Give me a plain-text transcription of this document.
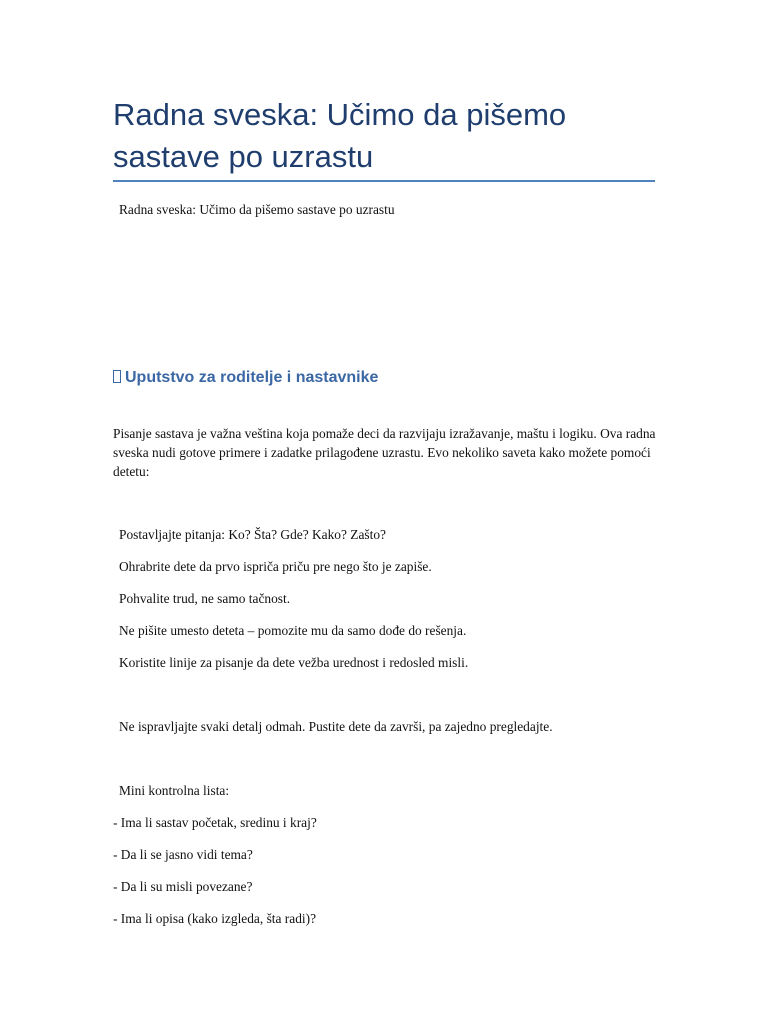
Radna sveska: Učimo da pišemo sastave po uzrastu
Radna sveska: Učimo da pišemo sastave po uzrastu
Uputstvo za roditelje i nastavnike

Pisanje sastava je važna veština koja pomaže deci da razvijaju izražavanje, maštu i logiku. Ova radna sveska nudi gotove primere i zadatke prilagođene uzrastu. Evo nekoliko saveta kako možete pomoći detetu:

Postavljajte pitanja: Ko? Šta? Gde? Kako? Zašto?

Ohrabrite dete da prvo ispriča priču pre nego što je zapiše.

Pohvalite trud, ne samo tačnost.

Ne pišite umesto deteta – pomozite mu da samo dođe do rešenja.

Koristite linije za pisanje da dete vežba urednost i redosled misli.

Ne ispravljajte svaki detalj odmah. Pustite dete da završi, pa zajedno pregledajte.

Mini kontrolna lista:

- Ima li sastav početak, sredinu i kraj?

- Da li se jasno vidi tema?

- Da li su misli povezane?

- Ima li opisa (kako izgleda, šta radi)?
